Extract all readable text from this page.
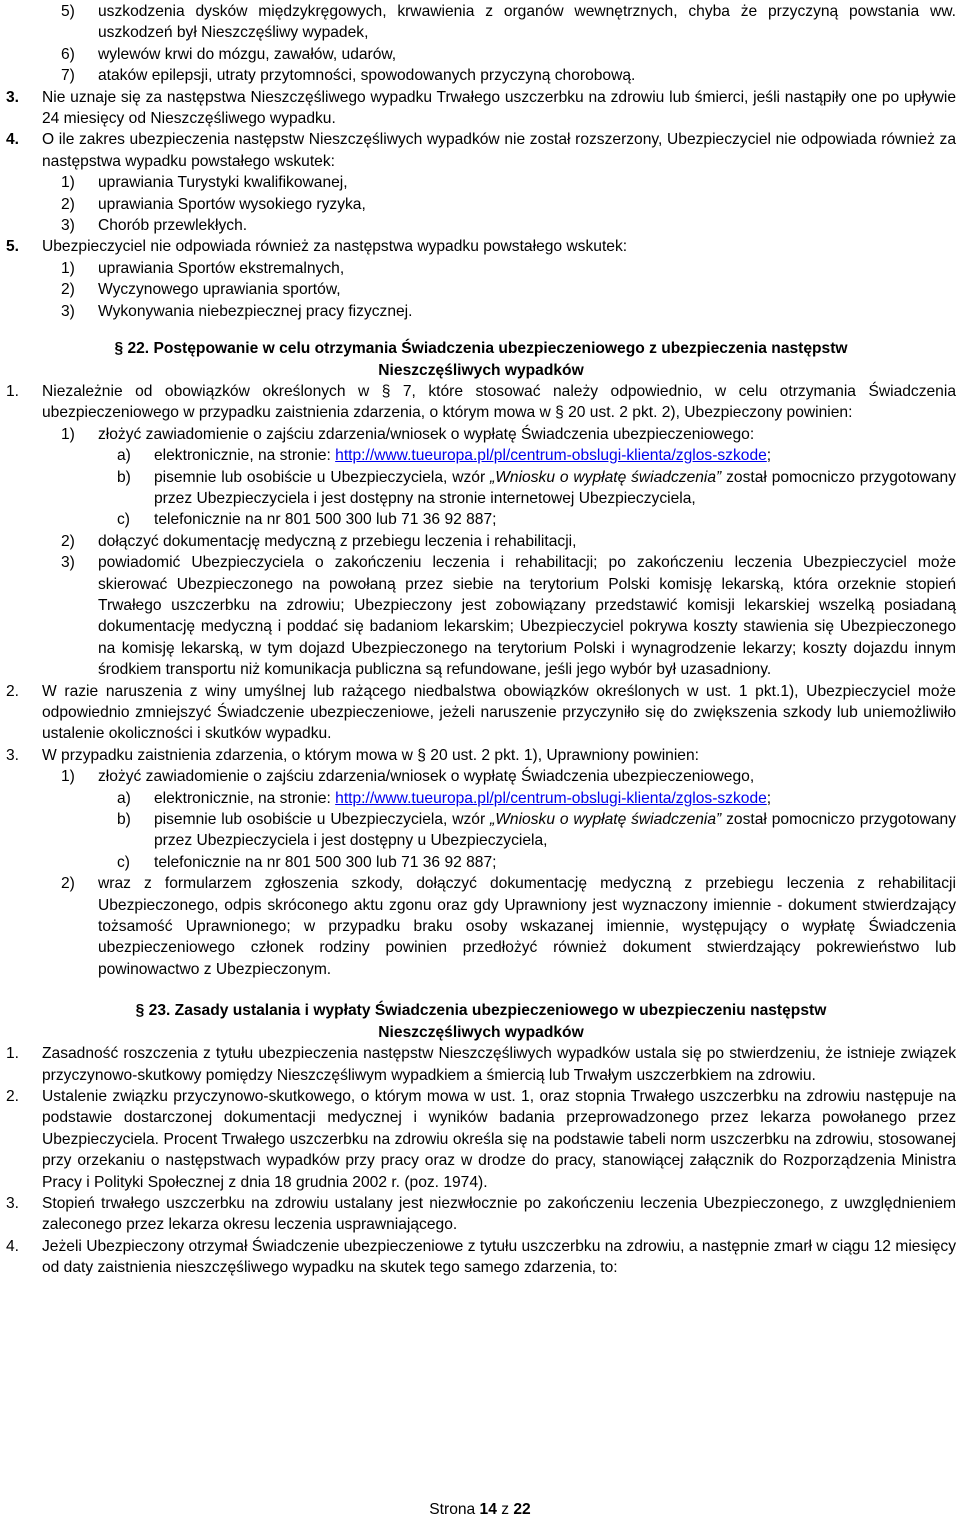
5)	uszkodzenia dysków międzykręgowych, krwawienia z organów wewnętrznych, chyba że przyczyną powstania ww. uszkodzeń był Nieszczęśliwy wypadek,
6)	wylewów krwi do mózgu, zawałów, udarów,
7)	ataków epilepsji, utraty przytomności, spowodowanych przyczyną chorobową.
3.	Nie uznaje się za następstwa Nieszczęśliwego wypadku Trwałego uszczerbku na zdrowiu lub śmierci, jeśli nastąpiły one po upływie 24 miesięcy od Nieszczęśliwego wypadku.
4.	O ile zakres ubezpieczenia następstw Nieszczęśliwych wypadków nie został rozszerzony, Ubezpieczyciel nie odpowiada również za następstwa wypadku powstałego wskutek:
1)	uprawiania Turystyki kwalifikowanej,
2)	uprawiania Sportów wysokiego ryzyka,
3)	Chorób przewlekłych.
5.	Ubezpieczyciel nie odpowiada również za następstwa wypadku powstałego wskutek:
1)	uprawiania Sportów ekstremalnych,
2)	Wyczynowego uprawiania sportów,
3)	Wykonywania niebezpiecznej pracy fizycznej.
§ 22. Postępowanie w celu otrzymania Świadczenia ubezpieczeniowego z ubezpieczenia następstw
Nieszczęśliwych wypadków
1.	Niezależnie od obowiązków określonych w § 7, które stosować należy odpowiednio, w celu otrzymania Świadczenia ubezpieczeniowego w przypadku zaistnienia zdarzenia, o którym mowa w § 20 ust. 2 pkt. 2), Ubezpieczony powinien:
1)	złożyć zawiadomienie o zajściu zdarzenia/wniosek o wypłatę Świadczenia ubezpieczeniowego:
a)	elektronicznie, na stronie: http://www.tueuropa.pl/pl/centrum-obslugi-klienta/zglos-szkode;
b)	pisemnie lub osobiście u Ubezpieczyciela, wzór „Wniosku o wypłatę świadczenia” został pomocniczo przygotowany przez Ubezpieczyciela i jest dostępny na stronie internetowej Ubezpieczyciela,
c)	telefonicznie na nr 801 500 300 lub 71 36 92 887;
2)	dołączyć dokumentację medyczną z przebiegu leczenia i rehabilitacji,
3)	powiadomić Ubezpieczyciela o zakończeniu leczenia i rehabilitacji; po zakończeniu leczenia Ubezpieczyciel może skierować Ubezpieczonego na powołaną przez siebie na terytorium Polski komisję lekarską, która orzeknie stopień Trwałego uszczerbku na zdrowiu; Ubezpieczony jest zobowiązany przedstawić komisji lekarskiej wszelką posiadaną dokumentację medyczną i poddać się badaniom lekarskim; Ubezpieczyciel pokrywa koszty stawienia się Ubezpieczonego na komisję lekarską, w tym dojazd Ubezpieczonego na terytorium Polski i wynagrodzenie lekarzy; koszty dojazdu innym środkiem transportu niż komunikacja publiczna są refundowane, jeśli jego wybór był uzasadniony.
2.	W razie naruszenia z winy umyślnej lub rażącego niedbalstwa obowiązków określonych w ust. 1 pkt.1), Ubezpieczyciel może odpowiednio zmniejszyć Świadczenie ubezpieczeniowe, jeżeli naruszenie przyczyniło się do zwiększenia szkody lub uniemożliwiło ustalenie okoliczności i skutków wypadku.
3.	W przypadku zaistnienia zdarzenia, o którym mowa w § 20 ust. 2 pkt. 1), Uprawniony powinien:
1)	złożyć zawiadomienie o zajściu zdarzenia/wniosek o wypłatę Świadczenia ubezpieczeniowego,
a)	elektronicznie, na stronie: http://www.tueuropa.pl/pl/centrum-obslugi-klienta/zglos-szkode;
b)	pisemnie lub osobiście u Ubezpieczyciela, wzór „Wniosku o wypłatę świadczenia” został pomocniczo przygotowany przez Ubezpieczyciela i jest dostępny u Ubezpieczyciela,
c)	telefonicznie na nr 801 500 300 lub 71 36 92 887;
2)	wraz z formularzem zgłoszenia szkody, dołączyć dokumentację medyczną z przebiegu leczenia z rehabilitacji Ubezpieczonego, odpis skróconego aktu zgonu oraz gdy Uprawniony jest wyznaczony imiennie - dokument stwierdzający tożsamość Uprawnionego; w przypadku braku osoby wskazanej imiennie, występujący o wypłatę Świadczenia ubezpieczeniowego członek rodziny powinien przedłożyć również dokument stwierdzający pokrewieństwo lub powinowactwo z Ubezpieczonym.
§ 23. Zasady ustalania i wypłaty Świadczenia ubezpieczeniowego w ubezpieczeniu następstw
Nieszczęśliwych wypadków
1.	Zasadność roszczenia z tytułu ubezpieczenia następstw Nieszczęśliwych wypadków ustala się po stwierdzeniu, że istnieje związek przyczynowo-skutkowy pomiędzy Nieszczęśliwym wypadkiem a śmiercią lub Trwałym uszczerbkiem na zdrowiu.
2.	Ustalenie związku przyczynowo-skutkowego, o którym mowa w ust. 1, oraz stopnia Trwałego uszczerbku na zdrowiu następuje na podstawie dostarczonej dokumentacji medycznej i wyników badania przeprowadzonego przez lekarza powołanego przez Ubezpieczyciela. Procent Trwałego uszczerbku na zdrowiu określa się na podstawie tabeli norm uszczerbku na zdrowiu, stosowanej przy orzekaniu o następstwach wypadków przy pracy oraz w drodze do pracy, stanowiącej załącznik do Rozporządzenia Ministra Pracy i Polityki Społecznej z dnia 18 grudnia 2002 r. (poz. 1974).
3.	Stopień trwałego uszczerbku na zdrowiu ustalany jest niezwłocznie po zakończeniu leczenia Ubezpieczonego, z uwzględnieniem zaleconego przez lekarza okresu leczenia usprawniającego.
4.	Jeżeli Ubezpieczony otrzymał Świadczenie ubezpieczeniowe z tytułu uszczerbku na zdrowiu, a następnie zmarł w ciągu 12 miesięcy od daty zaistnienia nieszczęśliwego wypadku na skutek tego samego zdarzenia, to:
Strona 14 z 22
